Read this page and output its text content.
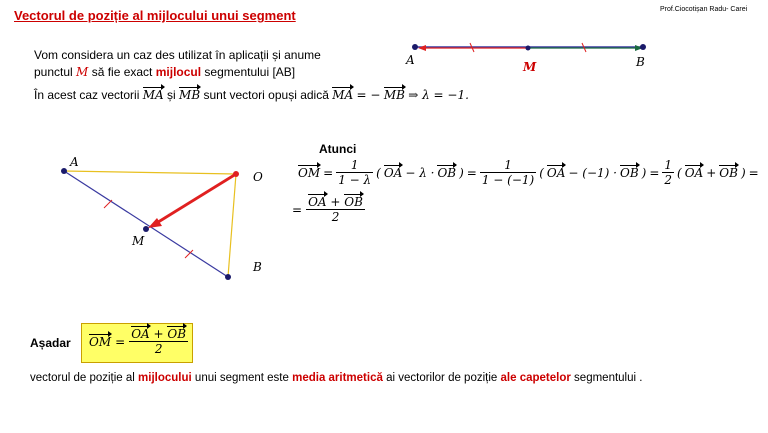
Vectorul de poziție al mijlocului unui segment	Prof.Ciocotișan Radu- Carei
Vom considera un caz des utilizat în aplicații și anume
punctul M să fie exact mijlocul segmentului [AB]
În acest caz vectorii MA și MB sunt vectori opuși adică MA = − MB ⇒ λ = −1.
A	M	B
A
O
M
B
Atunci
OM = $\frac{1}{1 - \lambda}$ ( OA − λ · OB ) = $\frac{1}{1 - (-1)}$ ( OA − (−1) · OB ) = $\frac{1}{2}$ ( OA + OB ) =
= $\frac{OA + OB}{2}$
Așadar OM = $\frac{OA + OB}{2}$
vectorul de poziție al mijlocului unui segment este media aritmetică ai vectorilor de poziție ale capetelor segmentului .
